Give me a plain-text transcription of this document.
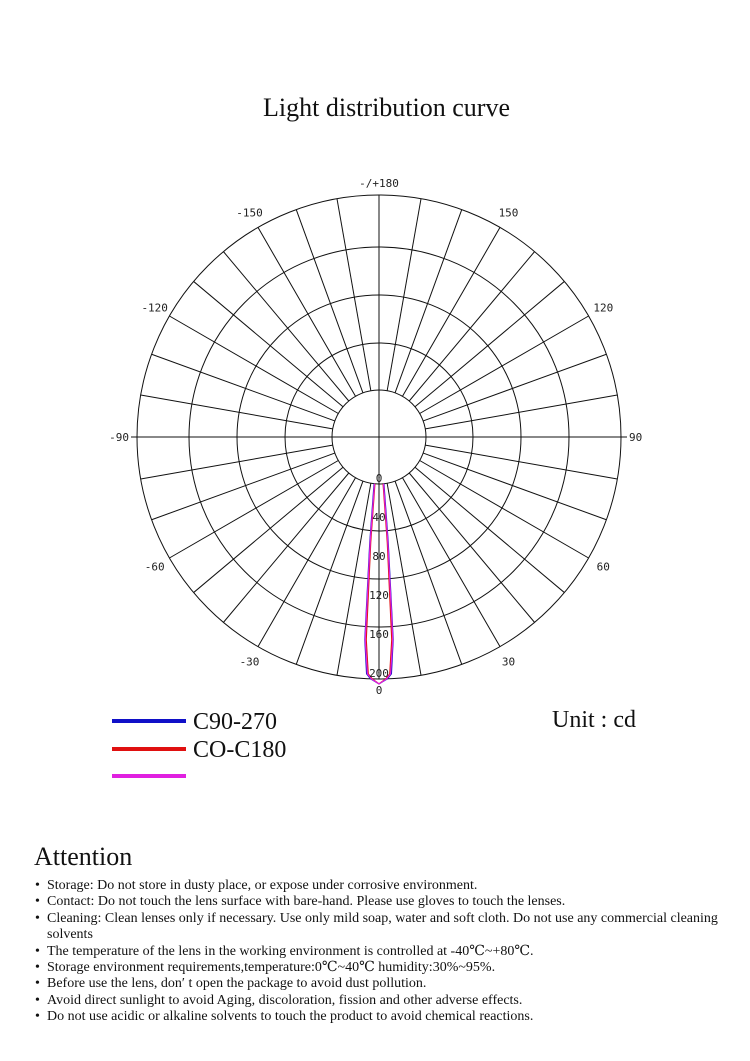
Light distribution curve
-/+180
150
120
90
60
30
0
-30
-60
-90
-120
-150
0
40
80
120
160
200
C90-270
CO-C180
Unit : cd
Attention
• Storage: Do not store in dusty place, or expose under corrosive environment.
• Contact: Do not touch the lens surface with bare-hand. Please use gloves to touch the lenses.
• Cleaning: Clean lenses only if necessary. Use only mild soap, water and soft cloth. Do not use any commercial cleaning solvents
• The temperature of the lens in the working environment is controlled at -40℃~+80℃.
• Storage environment requirements,temperature:0℃~40℃ humidity:30%~95%.
• Before use the lens, don′ t open the package to avoid dust pollution.
• Avoid direct sunlight to avoid Aging, discoloration, fission and other adverse effects.
• Do not use acidic or alkaline solvents to touch the product to avoid chemical reactions.
